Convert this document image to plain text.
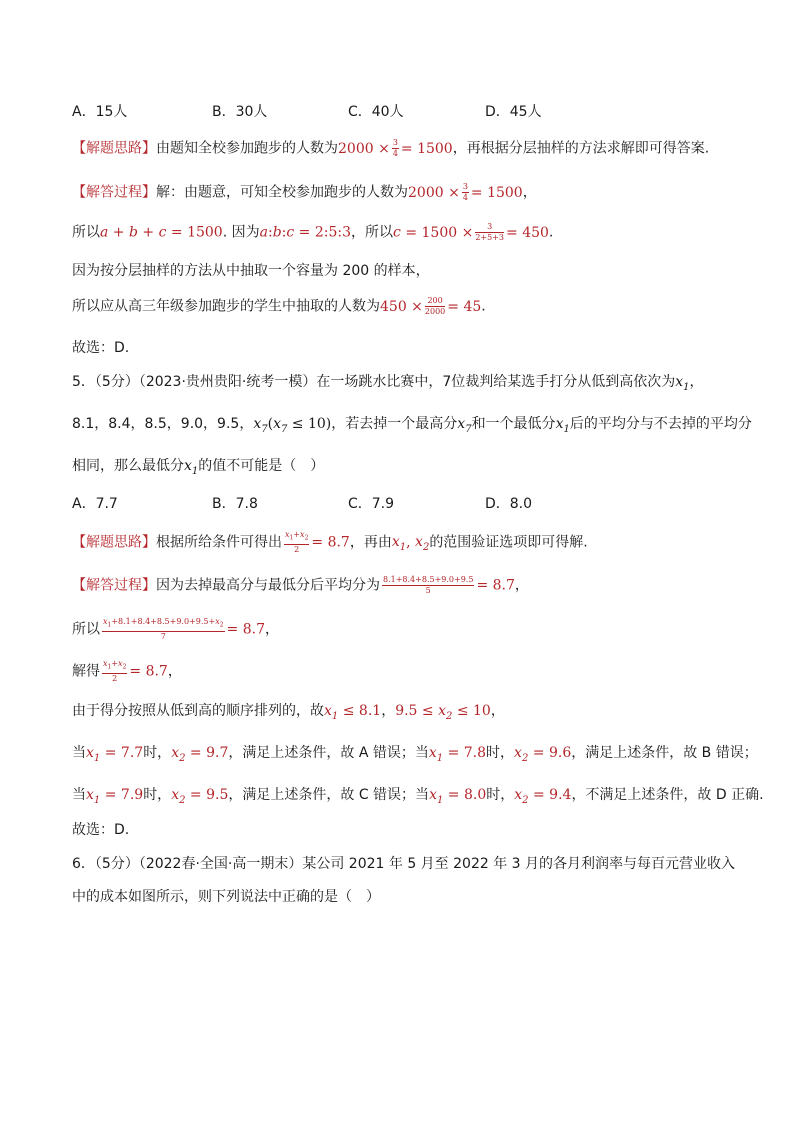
A．15人	B．30人	C．40人	D．45人
【解题思路】由题知全校参加跑步的人数为$2000 \times \frac{3}{4} = 1500$，再根据分层抽样的方法求解即可得答案.
【解答过程】解：由题意，可知全校参加跑步的人数为$2000 \times \frac{3}{4} = 1500$，
所以a + b + c = 1500. 因为a:b:c = 2:5:3，所以$c = 1500 \times \frac{3}{2+5+3} = 450$.
因为按分层抽样的方法从中抽取一个容量为 200 的样本，
所以应从高三年级参加跑步的学生中抽取的人数为$450 \times \frac{200}{2000} = 45$.
故选：D.
5．（5分）（2023·贵州贵阳·统考一模）在一场跳水比赛中，7位裁判给某选手打分从低到高依次为$x_1$，
8.1，8.4，8.5，9.0，9.5，$x_7(x_7 \le 10)$，若去掉一个最高分$x_7$和一个最低分$x_1$后的平均分与不去掉的平均分
相同，那么最低分$x_1$的值不可能是（　）
A．7.7	B．7.8	C．7.9	D．8.0
【解题思路】根据所给条件可得出 $\frac{x_1+x_2}{2} = 8.7$，再由$x_1$, $x_2$的范围验证选项即可得解.
【解答过程】因为去掉最高分与最低分后平均分为 $\frac{8.1+8.4+8.5+9.0+9.5}{5} = 8.7$，
所以 $\frac{x_1+8.1+8.4+8.5+9.0+9.5+x_2}{7} = 8.7$，
解得 $\frac{x_1+x_2}{2} = 8.7$，
由于得分按照从低到高的顺序排列的，故$x_1 \le 8.1$，$9.5 \le x_2 \le 10$，
当$x_1 = 7.7$时，$x_2 = 9.7$，满足上述条件，故 A 错误；当$x_1 = 7.8$时，$x_2 = 9.6$，满足上述条件，故 B 错误；
当$x_1 = 7.9$时，$x_2 = 9.5$，满足上述条件，故 C 错误；当$x_1 = 8.0$时，$x_2 = 9.4$，不满足上述条件，故 D 正确.
故选：D.
6．（5分）（2022春·全国·高一期末）某公司 2021 年 5 月至 2022 年 3 月的各月利润率与每百元营业收入
中的成本如图所示，则下列说法中正确的是（　）
